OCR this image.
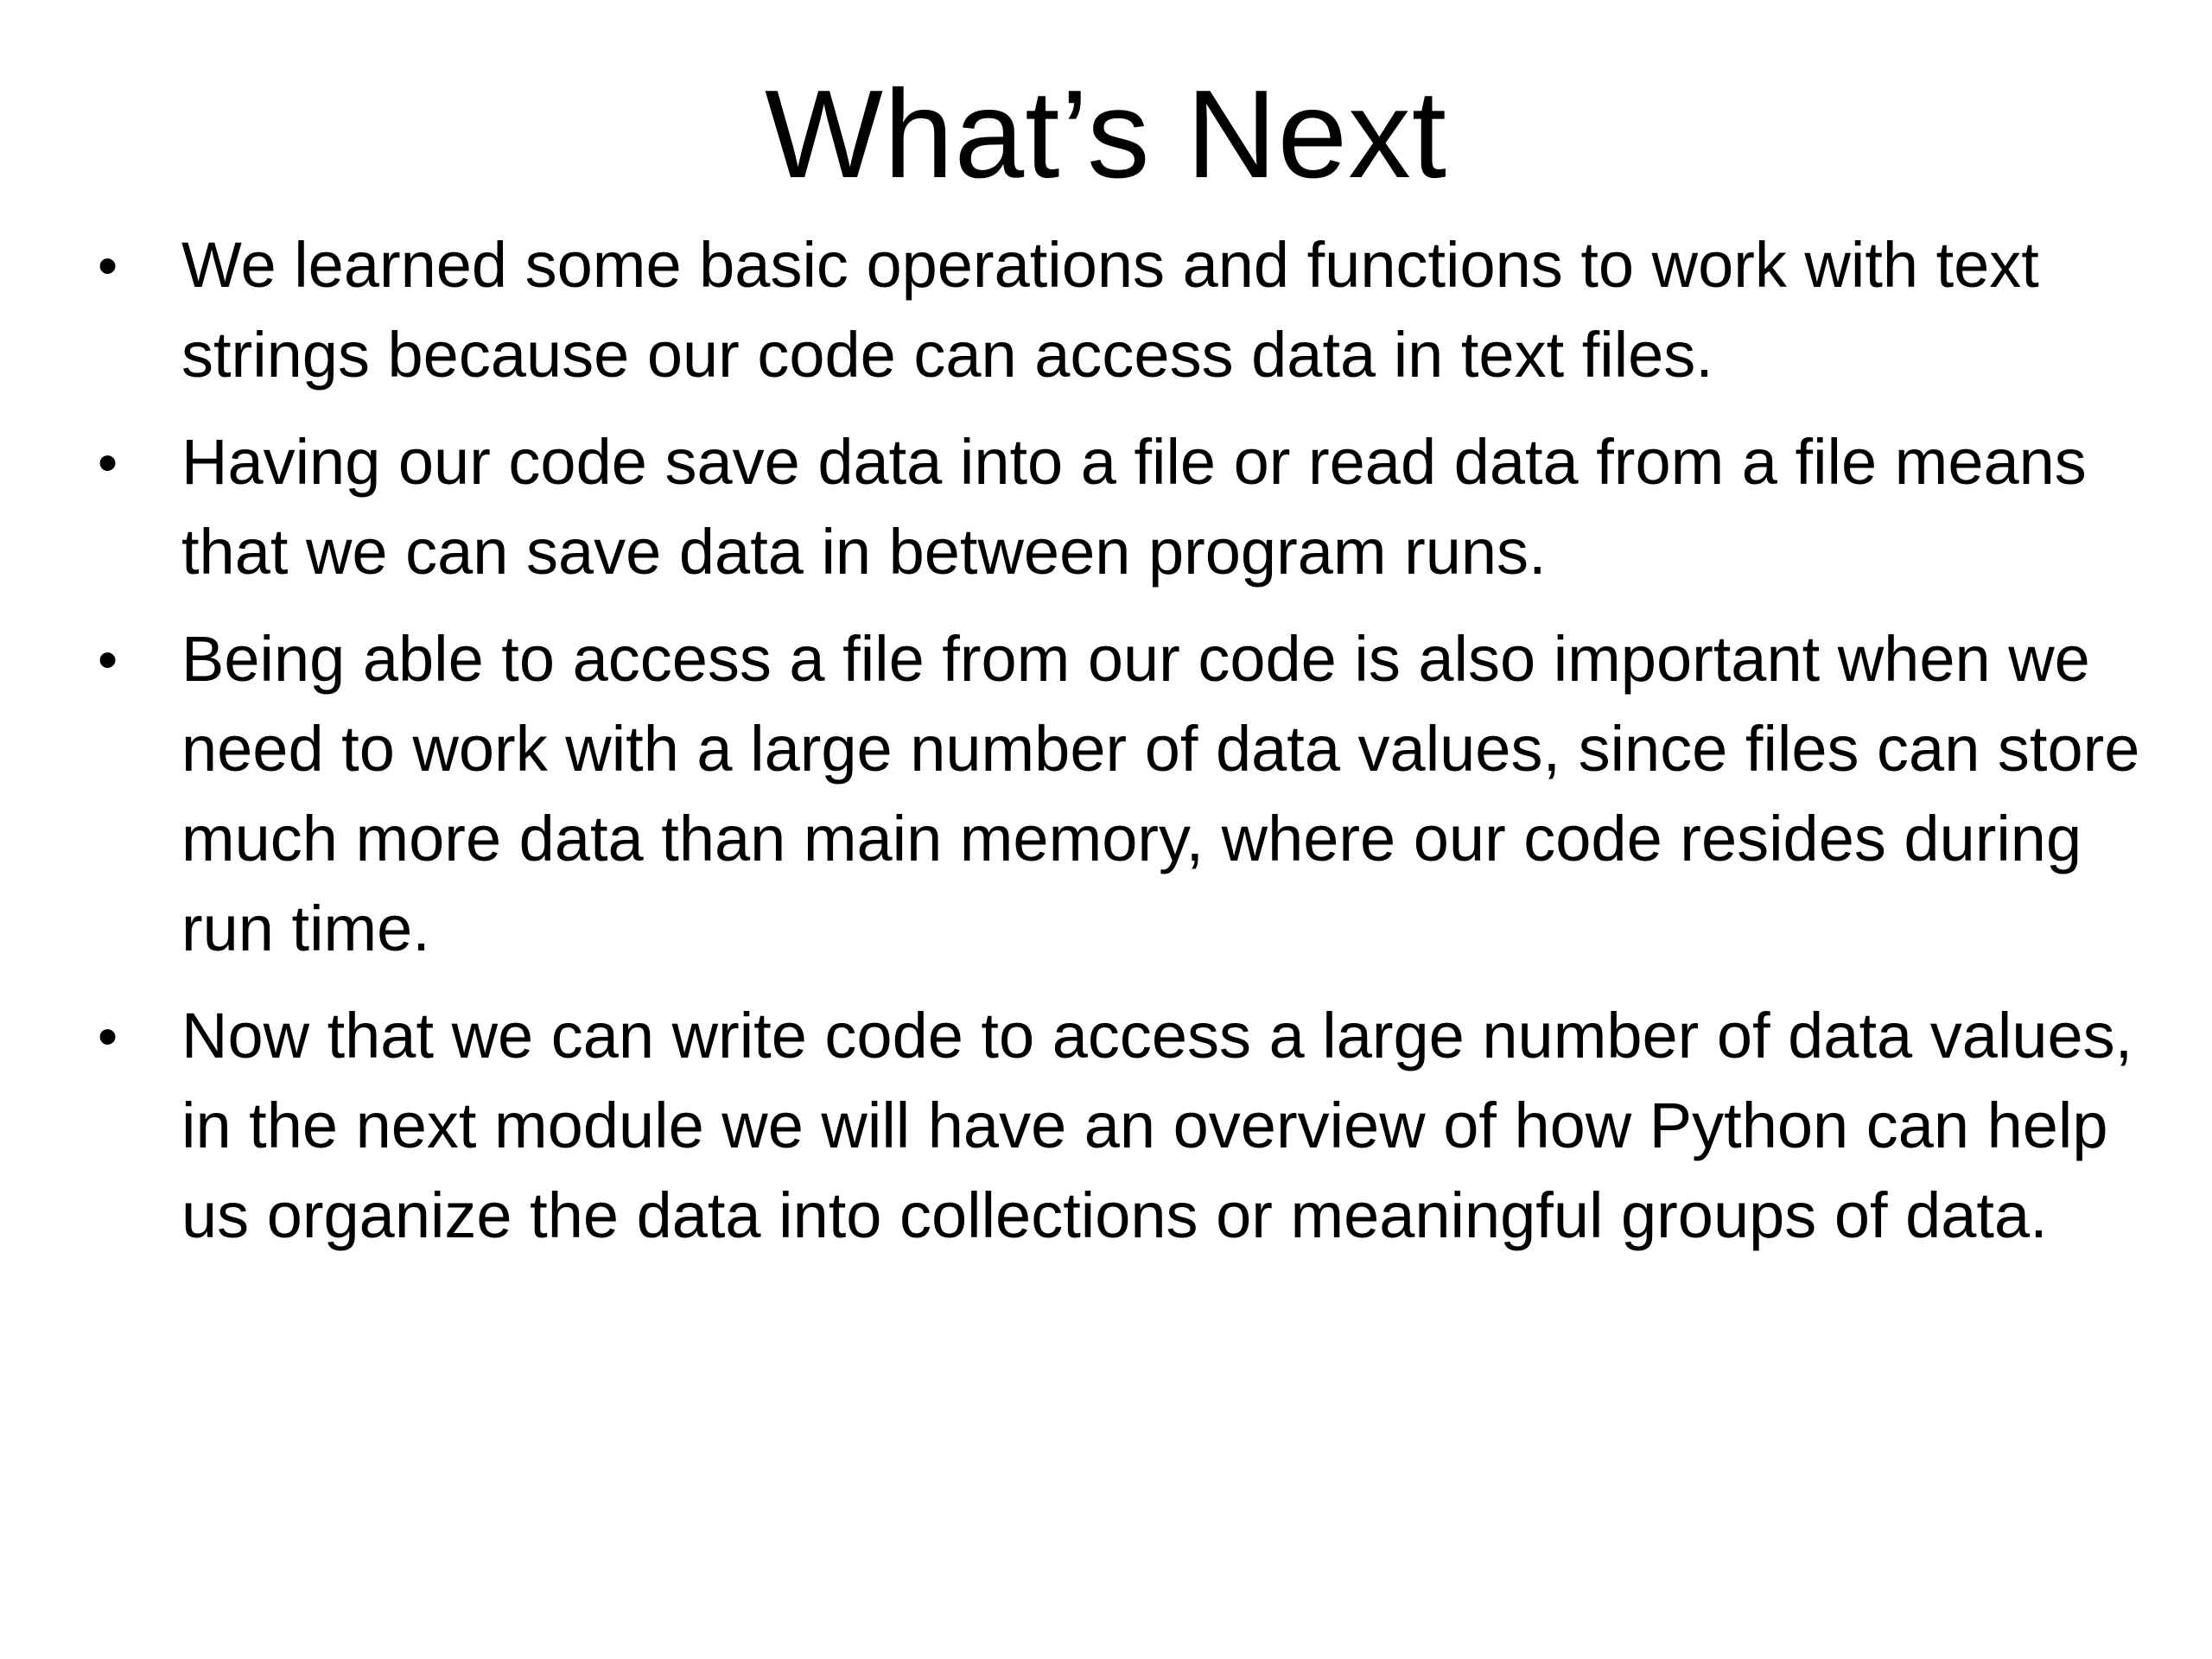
What’s Next
• We learned some basic operations and functions to work with text strings because our code can access data in text files.
• Having our code save data into a file or read data from a file means that we can save data in between program runs.
• Being able to access a file from our code is also important when we need to work with a large number of data values, since files can store much more data than main memory, where our code resides during run time.
• Now that we can write code to access a large number of data values, in the next module we will have an overview of how Python can help us organize the data into collections or meaningful groups of data.
